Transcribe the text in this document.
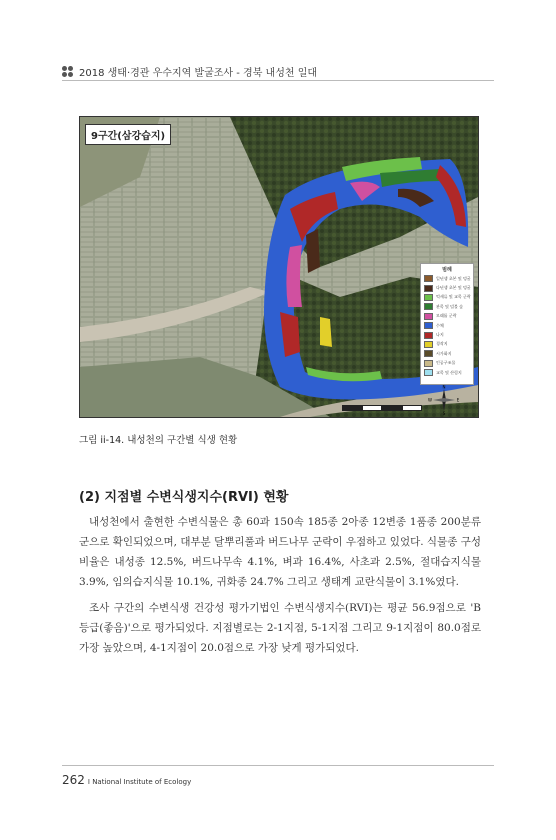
2018 생태·경관 우수지역 발굴조사 - 경북 내성천 일대
9구간(삼강습지)
범례
일년생 초본 및 덩굴
다년생 초본 및 덩굴
억새류 및 교목 군락
관목 및 덤불 숲
모래톱 군락
수체
나지
경작지
시가화지
인공구조물
교목 및 산림지
N
S
E
W
그림 ii-14. 내성천의 구간별 식생 현황
(2) 지점별 수변식생지수(RVI) 현황

내성천에서 출현한 수변식물은 총 60과 150속 185종 2아종 12변종 1품종 200분류군으로 확인되었으며, 대부분 달뿌리풀과 버드나무 군락이 우점하고 있었다. 식물종 구성비율은 내성종 12.5%, 버드나무속 4.1%, 벼과 16.4%, 사초과 2.5%, 절대습지식물 3.9%, 임의습지식물 10.1%, 귀화종 24.7% 그리고 생태계 교란식물이 3.1%였다.

조사 구간의 수변식생 건강성 평가기법인 수변식생지수(RVI)는 평균 56.9점으로 'B등급(좋음)'으로 평가되었다. 지점별로는 2-1지점, 5-1지점 그리고 9-1지점이 80.0점로 가장 높았으며, 4-1지점이 20.0점으로 가장 낮게 평가되었다.

262 I National Institute of Ecology
